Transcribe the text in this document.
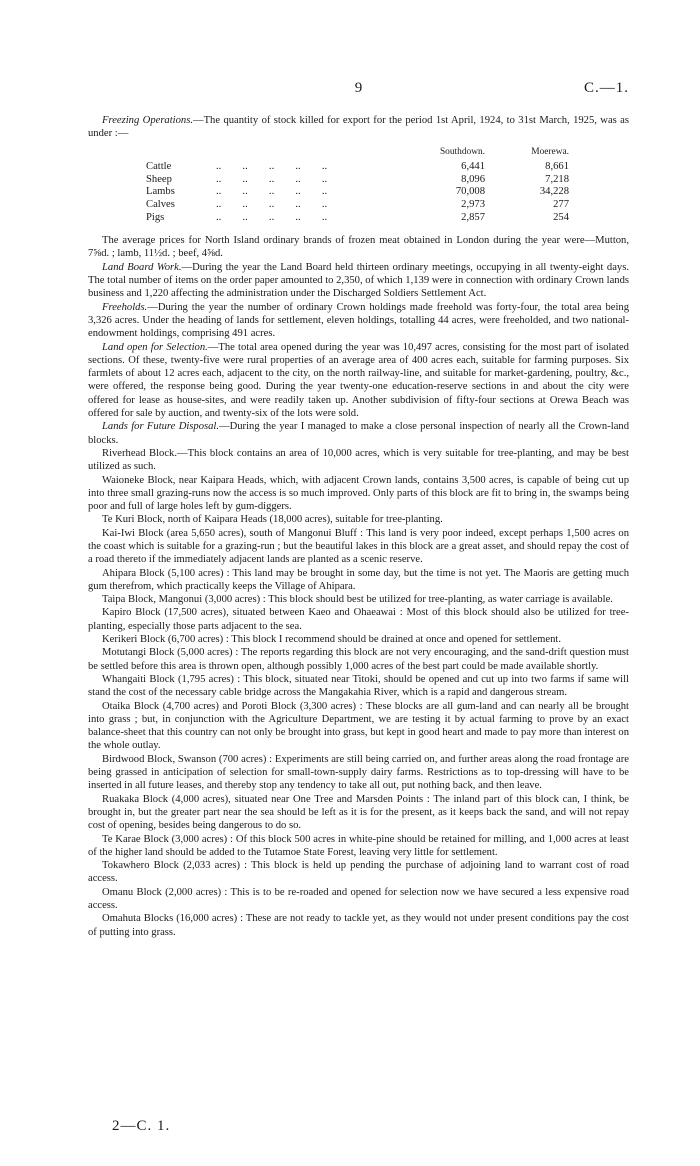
9	C.—1.

Freezing Operations.—The quantity of stock killed for export for the period 1st April, 1924, to 31st March, 1925, was as under :—

		Southdown.	Moerewa.
Cattle	..        ..        ..        ..        ..	6,441	8,661
Sheep	..        ..        ..        ..        ..	8,096	7,218
Lambs	..        ..        ..        ..        ..	70,008	34,228
Calves	..        ..        ..        ..        ..	2,973	277
Pigs	..        ..        ..        ..        ..	2,857	254

The average prices for North Island ordinary brands of frozen meat obtained in London during the year were—Mutton, 7⅝d. ; lamb, 11½d. ; beef, 4⅝d.

Land Board Work.—During the year the Land Board held thirteen ordinary meetings, occupying in all twenty-eight days. The total number of items on the order paper amounted to 2,350, of which 1,139 were in connection with ordinary Crown lands business and 1,220 affecting the administration under the Discharged Soldiers Settlement Act.

Freeholds.—During the year the number of ordinary Crown holdings made freehold was forty-four, the total area being 3,326 acres. Under the heading of lands for settlement, eleven holdings, totalling 44 acres, were freeholded, and two national-endowment holdings, comprising 491 acres.

Land open for Selection.—The total area opened during the year was 10,497 acres, consisting for the most part of isolated sections. Of these, twenty-five were rural properties of an average area of 400 acres each, suitable for farming purposes. Six farmlets of about 12 acres each, adjacent to the city, on the north railway-line, and suitable for market-gardening, poultry, &c., were offered, the response being good. During the year twenty-one education-reserve sections in and about the city were offered for lease as house-sites, and were readily taken up. Another subdivision of fifty-four sections at Orewa Beach was offered for sale by auction, and twenty-six of the lots were sold.

Lands for Future Disposal.—During the year I managed to make a close personal inspection of nearly all the Crown-land blocks.

Riverhead Block.—This block contains an area of 10,000 acres, which is very suitable for tree-planting, and may be best utilized as such.

Waioneke Block, near Kaipara Heads, which, with adjacent Crown lands, contains 3,500 acres, is capable of being cut up into three small grazing-runs now the access is so much improved. Only parts of this block are fit to bring in, the swamps being poor and full of large holes left by gum-diggers.

Te Kuri Block, north of Kaipara Heads (18,000 acres), suitable for tree-planting.

Kai-Iwi Block (area 5,650 acres), south of Mangonui Bluff : This land is very poor indeed, except perhaps 1,500 acres on the coast which is suitable for a grazing-run ; but the beautiful lakes in this block are a great asset, and should repay the cost of a road thereto if the immediately adjacent lands are planted as a scenic reserve.

Ahipara Block (5,100 acres) : This land may be brought in some day, but the time is not yet. The Maoris are getting much gum therefrom, which practically keeps the Village of Ahipara.

Taipa Block, Mangonui (3,000 acres) : This block should best be utilized for tree-planting, as water carriage is available.

Kapiro Block (17,500 acres), situated between Kaeo and Ohaeawai : Most of this block should also be utilized for tree-planting, especially those parts adjacent to the sea.

Kerikeri Block (6,700 acres) : This block I recommend should be drained at once and opened for settlement.

Motutangi Block (5,000 acres) : The reports regarding this block are not very encouraging, and the sand-drift question must be settled before this area is thrown open, although possibly 1,000 acres of the best part could be made available shortly.

Whangaiti Block (1,795 acres) : This block, situated near Titoki, should be opened and cut up into two farms if same will stand the cost of the necessary cable bridge across the Mangakahia River, which is a rapid and dangerous stream.

Otaika Block (4,700 acres) and Poroti Block (3,300 acres) : These blocks are all gum-land and can nearly all be brought into grass ; but, in conjunction with the Agriculture Department, we are testing it by actual farming to prove by an exact balance-sheet that this country can not only be brought into grass, but kept in good heart and made to pay more than interest on the whole outlay.

Birdwood Block, Swanson (700 acres) : Experiments are still being carried on, and further areas along the road frontage are being grassed in anticipation of selection for small-town-supply dairy farms. Restrictions as to top-dressing will have to be inserted in all future leases, and thereby stop any tendency to take all out, put nothing back, and then leave.

Ruakaka Block (4,000 acres), situated near One Tree and Marsden Points : The inland part of this block can, I think, be brought in, but the greater part near the sea should be left as it is for the present, as it keeps back the sand, and will not repay cost of opening, besides being dangerous to do so.

Te Karae Block (3,000 acres) : Of this block 500 acres in white-pine should be retained for milling, and 1,000 acres at least of the higher land should be added to the Tutamoe State Forest, leaving very little for settlement.

Tokawhero Block (2,033 acres) : This block is held up pending the purchase of adjoining land to warrant cost of road access.

Omanu Block (2,000 acres) : This is to be re-roaded and opened for selection now we have secured a less expensive road access.

Omahuta Blocks (16,000 acres) : These are not ready to tackle yet, as they would not under present conditions pay the cost of putting into grass.

2—C. 1.
